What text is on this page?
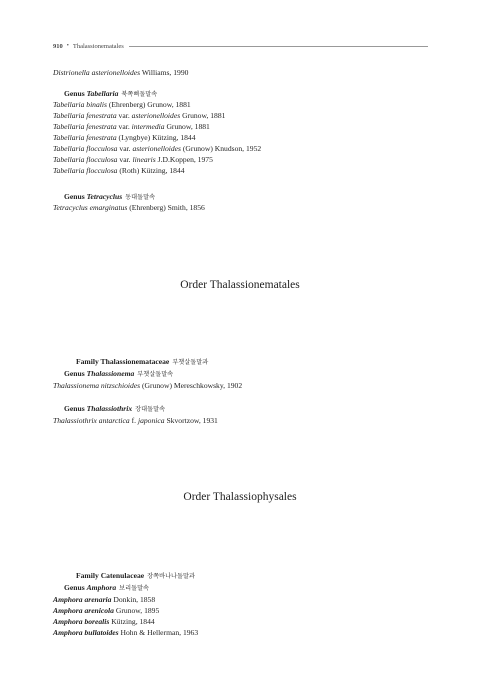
910 • Thalassionematales
Distrionella asterionelloides Williams, 1990
Genus Tabellaria 북쪽삐돌말속
Tabellaria binalis (Ehrenberg) Grunow, 1881
Tabellaria fenestrata var. asterionelloides Grunow, 1881
Tabellaria fenestrata var. intermedia Grunow, 1881
Tabellaria fenestrata (Lyngbye) Kützing, 1844
Tabellaria flocculosa var. asterionelloides (Grunow) Knudson, 1952
Tabellaria flocculosa var. linearis J.D.Koppen, 1975
Tabellaria flocculosa (Roth) Kützing, 1844
Genus Tetracyclus 동대돌말속
Tetracyclus emarginatus (Ehrenberg) Smith, 1856
Order Thalassionematales
Family Thalassionemataceae 부챗살돌말과
Genus Thalassionema 부챗살돌말속
Thalassionema nitzschioides (Grunow) Mereschkowsky, 1902
Genus Thalassiothrix 장대돌말속
Thalassiothrix antarctica f. japonica Skvortzow, 1931
Order Thalassiophysales
Family Catenulaceae 장쪽바나나돌말과
Genus Amphora 보리돌말속
Amphora arenaria Donkin, 1858
Amphora arenicola Grunow, 1895
Amphora borealis Kützing, 1844
Amphora bullatoides Hohn & Hellerman, 1963
